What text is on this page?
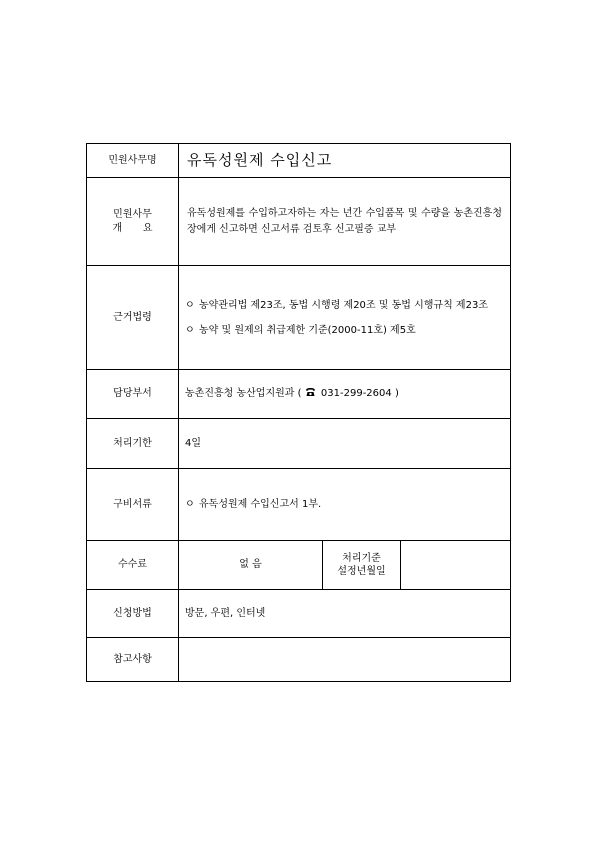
민원사무명	유독성원제 수입신고		

민원사무
개 요	유독성원제를 수입하고자하는 자는 년간 수입품목 및 수량을 농촌진흥청장에게 신고하면 신고서류 검토후 신고필증 교부		

근거법령	ㅇ 농약관리법 제23조, 동법 시행령 제20조 및 동법 시행규칙 제23조
ㅇ 농약 및 원제의 취급제한 기준(2000-11호) 제5호		

담당부서	농촌진흥청 농산업지원과 ( 031-299-2604 )		
처리기한	4일		
구비서류	ㅇ 유독성원제 수입신고서 1부.		

수수료	없 음	처리기준
설정년월일	

신청방법	방문, 우편, 인터넷		
참고사항			
